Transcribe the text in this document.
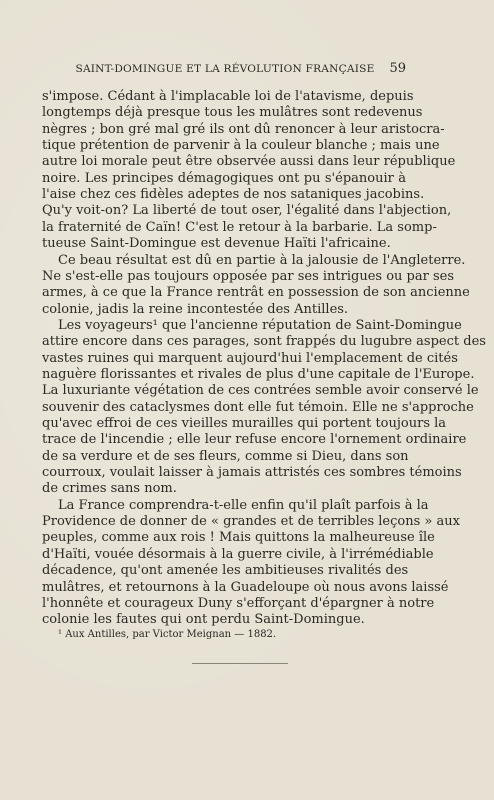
SAINT-DOMINGUE ET LA RÉVOLUTION FRANÇAISE	59
s'impose. Cédant à l'implacable loi de l'atavisme, depuis
longtemps déjà presque tous les mulâtres sont redevenus
nègres ; bon gré mal gré ils ont dû renoncer à leur aristocra-
tique prétention de parvenir à la couleur blanche ; mais une
autre loi morale peut être observée aussi dans leur république
noire. Les principes démagogiques ont pu s'épanouir à
l'aise chez ces fidèles adeptes de nos sataniques jacobins.
Qu'y voit-on? La liberté de tout oser, l'égalité dans l'abjection,
la fraternité de Caïn! C'est le retour à la barbarie. La somp-
tueuse Saint-Domingue est devenue Haïti l'africaine.
Ce beau résultat est dû en partie à la jalousie de l'Angleterre.
Ne s'est-elle pas toujours opposée par ses intrigues ou par ses
armes, à ce que la France rentrât en possession de son ancienne
colonie, jadis la reine incontestée des Antilles.
Les voyageurs¹ que l'ancienne réputation de Saint-Domingue
attire encore dans ces parages, sont frappés du lugubre aspect des
vastes ruines qui marquent aujourd'hui l'emplacement de cités
naguère florissantes et rivales de plus d'une capitale de l'Europe.
La luxuriante végétation de ces contrées semble avoir conservé le
souvenir des cataclysmes dont elle fut témoin. Elle ne s'approche
qu'avec effroi de ces vieilles murailles qui portent toujours la
trace de l'incendie ; elle leur refuse encore l'ornement ordinaire
de sa verdure et de ses fleurs, comme si Dieu, dans son
courroux, voulait laisser à jamais attristés ces sombres témoins
de crimes sans nom.
La France comprendra-t-elle enfin qu'il plaît parfois à la
Providence de donner de « grandes et de terribles leçons » aux
peuples, comme aux rois ! Mais quittons la malheureuse île
d'Haïti, vouée désormais à la guerre civile, à l'irrémédiable
décadence, qu'ont amenée les ambitieuses rivalités des
mulâtres, et retournons à la Guadeloupe où nous avons laissé
l'honnête et courageux Duny s'efforçant d'épargner à notre
colonie les fautes qui ont perdu Saint-Domingue.
¹ Aux Antilles, par Victor Meignan — 1882.
